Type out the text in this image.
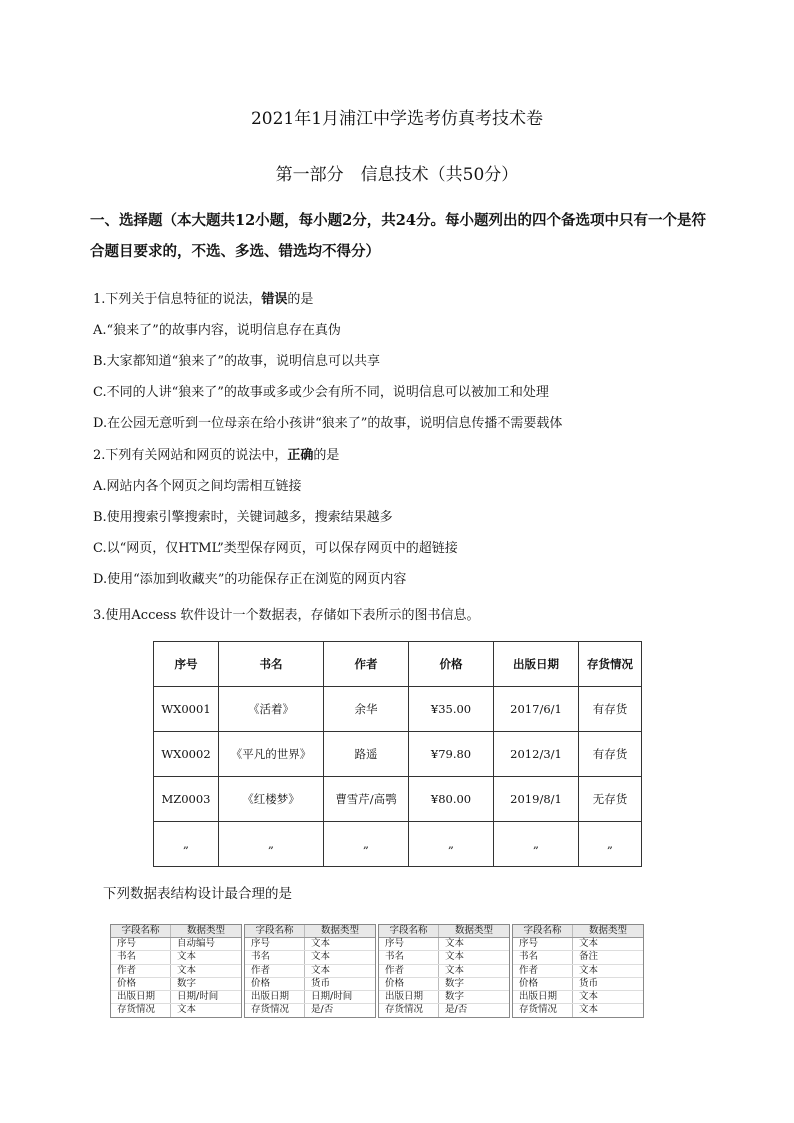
2021年1月浦江中学选考仿真考技术卷
第一部分　信息技术（共50分）
一、选择题（本大题共12小题，每小题2分，共24分。每小题列出的四个备选项中只有一个是符合题目要求的，不选、多选、错选均不得分）
1.下列关于信息特征的说法，错误的是
A.“狼来了”的故事内容，说明信息存在真伪
B.大家都知道“狼来了”的故事，说明信息可以共享
C.不同的人讲“狼来了”的故事或多或少会有所不同，说明信息可以被加工和处理
D.在公园无意听到一位母亲在给小孩讲“狼来了”的故事，说明信息传播不需要载体
2.下列有关网站和网页的说法中，正确的是
A.网站内各个网页之间均需相互链接
B.使用搜索引擎搜索时，关键词越多，搜索结果越多
C.以“网页，仅HTML”类型保存网页，可以保存网页中的超链接
D.使用“添加到收藏夹”的功能保存正在浏览的网页内容
3.使用Access 软件设计一个数据表，存储如下表所示的图书信息。
序号	书名	作者	价格	出版日期	存货情况
WX0001	《活着》	余华	¥35.00	2017/6/1	有存货
WX0002	《平凡的世界》	路遥	¥79.80	2012/3/1	有存货
MZ0003	《红楼梦》	曹雪芹/高鹗	¥80.00	2019/8/1	无存货
„	„	„	„	„	„
下列数据表结构设计最合理的是
字段名称	数据类型
序号	自动编号
书名	文本
作者	文本
价格	数字
出版日期	日期/时间
存货情况	文本
字段名称	数据类型
序号	文本
书名	文本
作者	文本
价格	货币
出版日期	日期/时间
存货情况	是/否
字段名称	数据类型
序号	文本
书名	文本
作者	文本
价格	数字
出版日期	数字
存货情况	是/否
字段名称	数据类型
序号	文本
书名	备注
作者	文本
价格	货币
出版日期	文本
存货情况	文本
